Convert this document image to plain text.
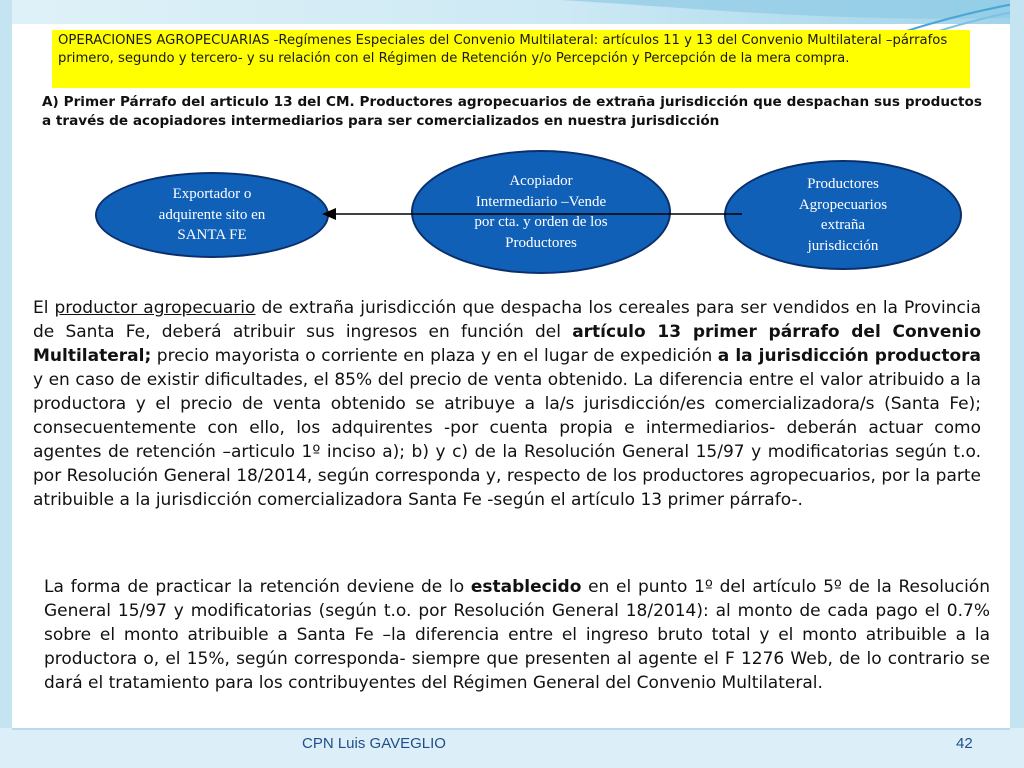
OPERACIONES AGROPECUARIAS -Regímenes Especiales del Convenio Multilateral: artículos 11 y 13 del Convenio Multilateral –párrafos primero, segundo y tercero- y su relación con el Régimen de Retención y/o Percepción y Percepción de la mera compra.
A) Primer Párrafo del articulo 13 del CM. Productores agropecuarios de extraña jurisdicción que despachan sus productos a través de acopiadores intermediarios para ser comercializados en nuestra jurisdicción
Exportador o
adquirente sito en
SANTA FE
Acopiador
Intermediario –Vende
por cta. y orden de los
Productores
Productores
Agropecuarios
extraña
jurisdicción
El productor agropecuario de extraña jurisdicción que despacha los cereales para ser vendidos en la Provincia de Santa Fe, deberá atribuir sus ingresos en función del artículo 13 primer párrafo del Convenio Multilateral; precio mayorista o corriente en plaza y en el lugar de expedición a la jurisdicción productora y en caso de existir dificultades, el 85% del precio de venta obtenido. La diferencia entre el valor atribuido a la productora y el precio de venta obtenido se atribuye a la/s jurisdicción/es comercializadora/s (Santa Fe); consecuentemente con ello, los adquirentes -por cuenta propia e intermediarios- deberán actuar como agentes de retención –articulo 1º inciso a); b) y c) de la Resolución General 15/97 y modificatorias según t.o. por Resolución General 18/2014, según corresponda y, respecto de los productores agropecuarios, por la parte atribuible a la jurisdicción comercializadora Santa Fe -según el artículo 13 primer párrafo-.
La forma de practicar la retención deviene de lo establecido en el punto 1º del artículo 5º de la Resolución General 15/97 y modificatorias (según t.o. por Resolución General 18/2014): al monto de cada pago el 0.7% sobre el monto atribuible a Santa Fe –la diferencia entre el ingreso bruto total y el monto atribuible a la productora o, el 15%, según corresponda- siempre que presenten al agente el F 1276 Web, de lo contrario se dará el tratamiento para los contribuyentes del Régimen General del Convenio Multilateral.
CPN Luis GAVEGLIO	42
